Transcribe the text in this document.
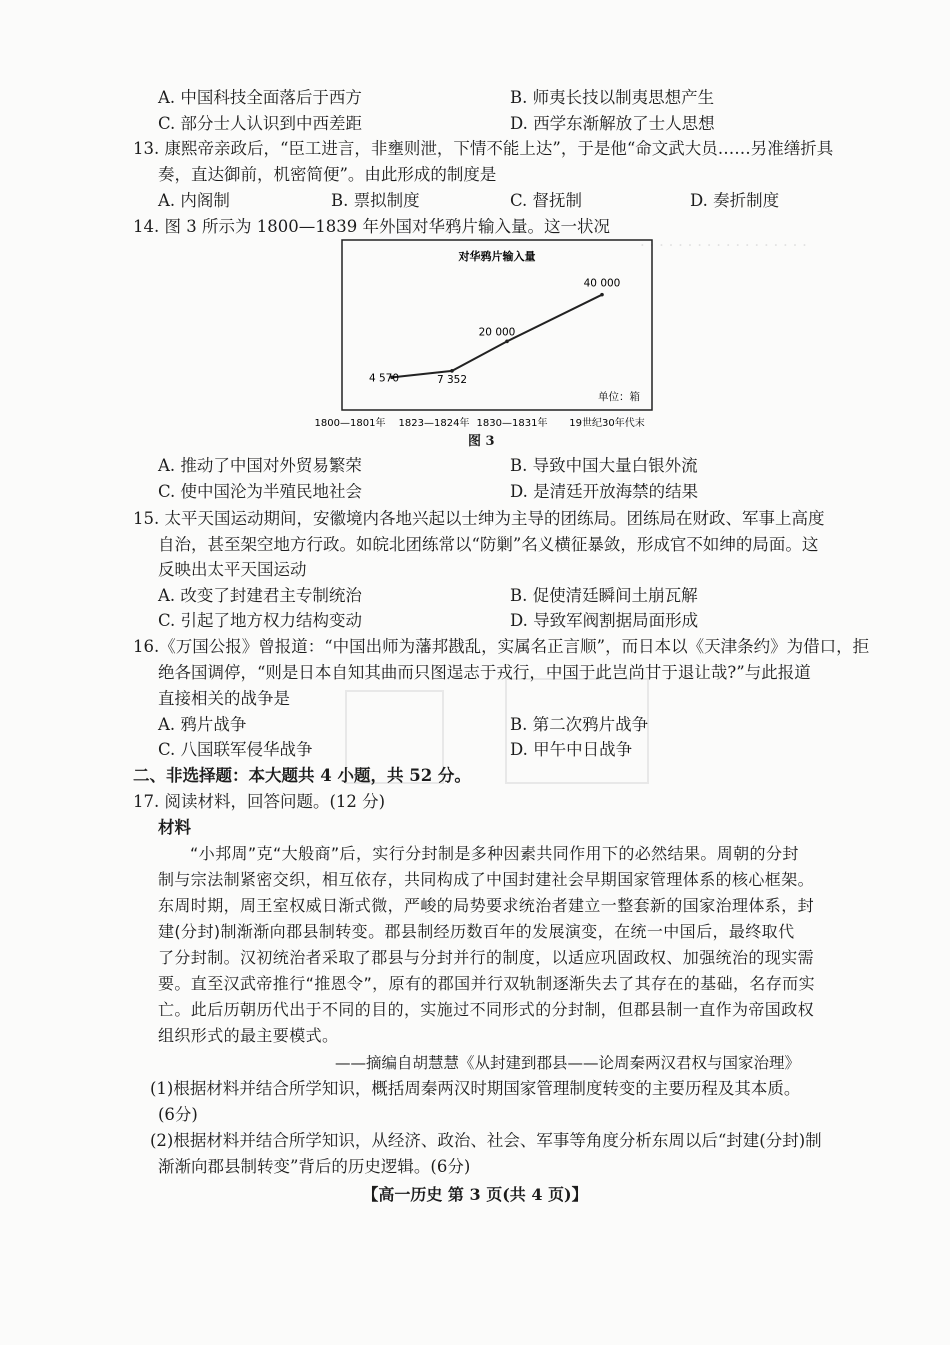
· · · · · · · · · · · · · · · · · ·
A. 中国科技全面落后于西方	B. 师夷长技以制夷思想产生
C. 部分士人认识到中西差距	D. 西学东渐解放了士人思想
13. 康熙帝亲政后，“臣工进言，非壅则泄，下情不能上达”，于是他“命文武大员……另准缮折具
奏，直达御前，机密简便”。由此形成的制度是
A. 内阁制	B. 票拟制度	C. 督抚制	D. 奏折制度
14. 图 3 所示为 1800—1839 年外国对华鸦片输入量。这一状况
对华鸦片输入量
单位：箱
4 570	7 352
20 000
40 000
1800—1801年 1823—1824年 1830—1831年 19世纪30年代末
图 3
A. 推动了中国对外贸易繁荣	B. 导致中国大量白银外流
C. 使中国沦为半殖民地社会	D. 是清廷开放海禁的结果
15. 太平天国运动期间，安徽境内各地兴起以士绅为主导的团练局。团练局在财政、军事上高度
自治，甚至架空地方行政。如皖北团练常以“防剿”名义横征暴敛，形成官不如绅的局面。这
反映出太平天国运动
A. 改变了封建君主专制统治	B. 促使清廷瞬间土崩瓦解
C. 引起了地方权力结构变动	D. 导致军阀割据局面形成
16.《万国公报》曾报道：“中国出师为藩邦戡乱，实属名正言顺”，而日本以《天津条约》为借口，拒
绝各国调停，“则是日本自知其曲而只图逞志于戎行，中国于此岂尚甘于退让哉?”与此报道
直接相关的战争是
A. 鸦片战争	B. 第二次鸦片战争
C. 八国联军侵华战争	D. 甲午中日战争
二、非选择题：本大题共 4 小题，共 52 分。
17. 阅读材料，回答问题。(12 分)
材料
“小邦周”克“大般商”后，实行分封制是多种因素共同作用下的必然结果。周朝的分封
制与宗法制紧密交织，相互依存，共同构成了中国封建社会早期国家管理体系的核心框架。
东周时期，周王室权威日渐式微，严峻的局势要求统治者建立一整套新的国家治理体系，封
建(分封)制渐渐向郡县制转变。郡县制经历数百年的发展演变，在统一中国后，最终取代
了分封制。汉初统治者采取了郡县与分封并行的制度，以适应巩固政权、加强统治的现实需
要。直至汉武帝推行“推恩令”，原有的郡国并行双轨制逐渐失去了其存在的基础，名存而实
亡。此后历朝历代出于不同的目的，实施过不同形式的分封制，但郡县制一直作为帝国政权
组织形式的最主要模式。
——摘编自胡慧慧《从封建到郡县——论周秦两汉君权与国家治理》
(1)根据材料并结合所学知识，概括周秦两汉时期国家管理制度转变的主要历程及其本质。
(6分)
(2)根据材料并结合所学知识，从经济、政治、社会、军事等角度分析东周以后“封建(分封)制
渐渐向郡县制转变”背后的历史逻辑。(6分)
【高一历史 第 3 页(共 4 页)】
